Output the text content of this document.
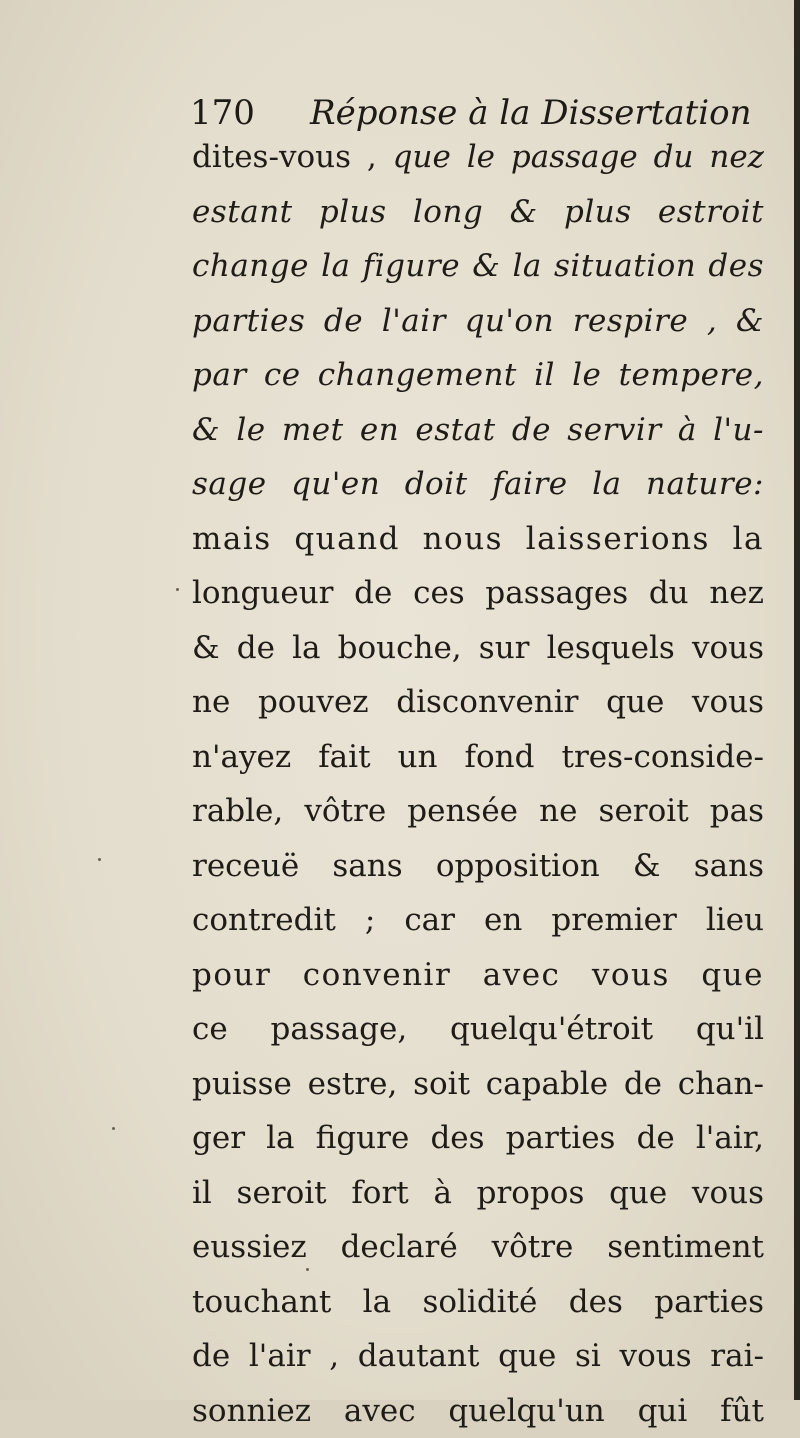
170 Réponse à la Dissertation
dites-vous , que le passage du nez
estant plus long & plus estroit
change la figure & la situation des
parties de l'air qu'on respire , &
par ce changement il le tempere,
& le met en estat de servir à l'u-
sage qu'en doit faire la nature:
mais quand nous laisserions la
longueur de ces passages du nez
& de la bouche, sur lesquels vous
ne pouvez disconvenir que vous
n'ayez fait un fond tres-conside-
rable, vôtre pensée ne seroit pas
receuë sans opposition & sans
contredit ; car en premier lieu
pour convenir avec vous que
ce passage, quelqu'étroit qu'il
puisse estre, soit capable de chan-
ger la figure des parties de l'air,
il seroit fort à propos que vous
eussiez declaré vôtre sentiment
touchant la solidité des parties
de l'air , dautant que si vous rai-
sonniez avec quelqu'un qui fût
